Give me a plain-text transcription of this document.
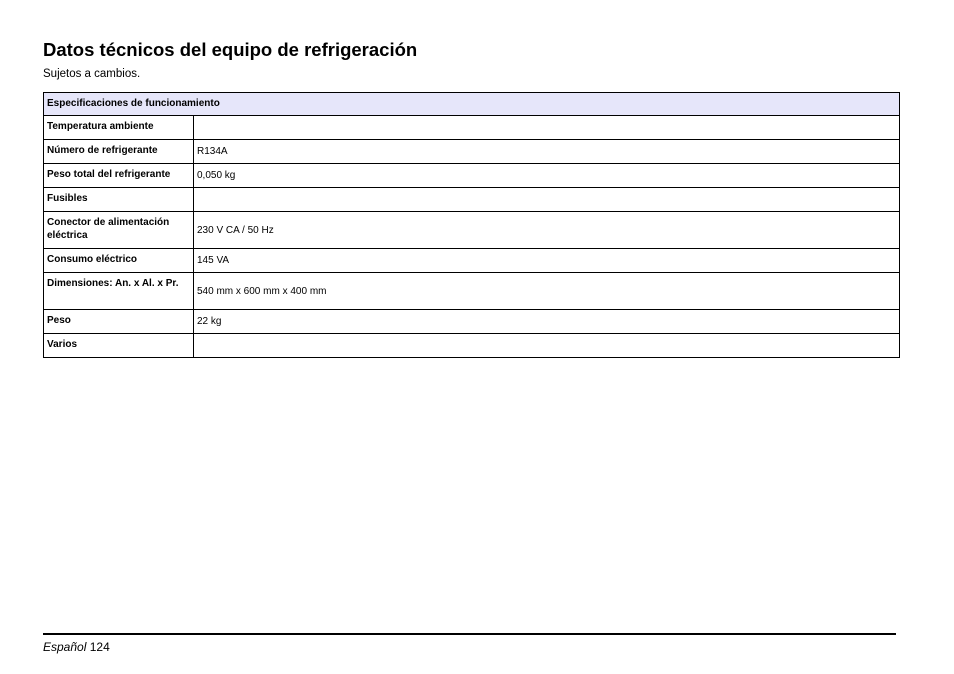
Datos técnicos del equipo de refrigeración
Sujetos a cambios.
Especificaciones de funcionamiento	
Temperatura ambiente	
Número de refrigerante	R134A
Peso total del refrigerante	0,050 kg
Fusibles	
Conector de alimentación eléctrica	230 V CA / 50 Hz
Consumo eléctrico	145 VA
Dimensiones: An. x Al. x Pr.	540 mm x 600 mm x 400 mm
Peso	22 kg
Varios	
Español 124
